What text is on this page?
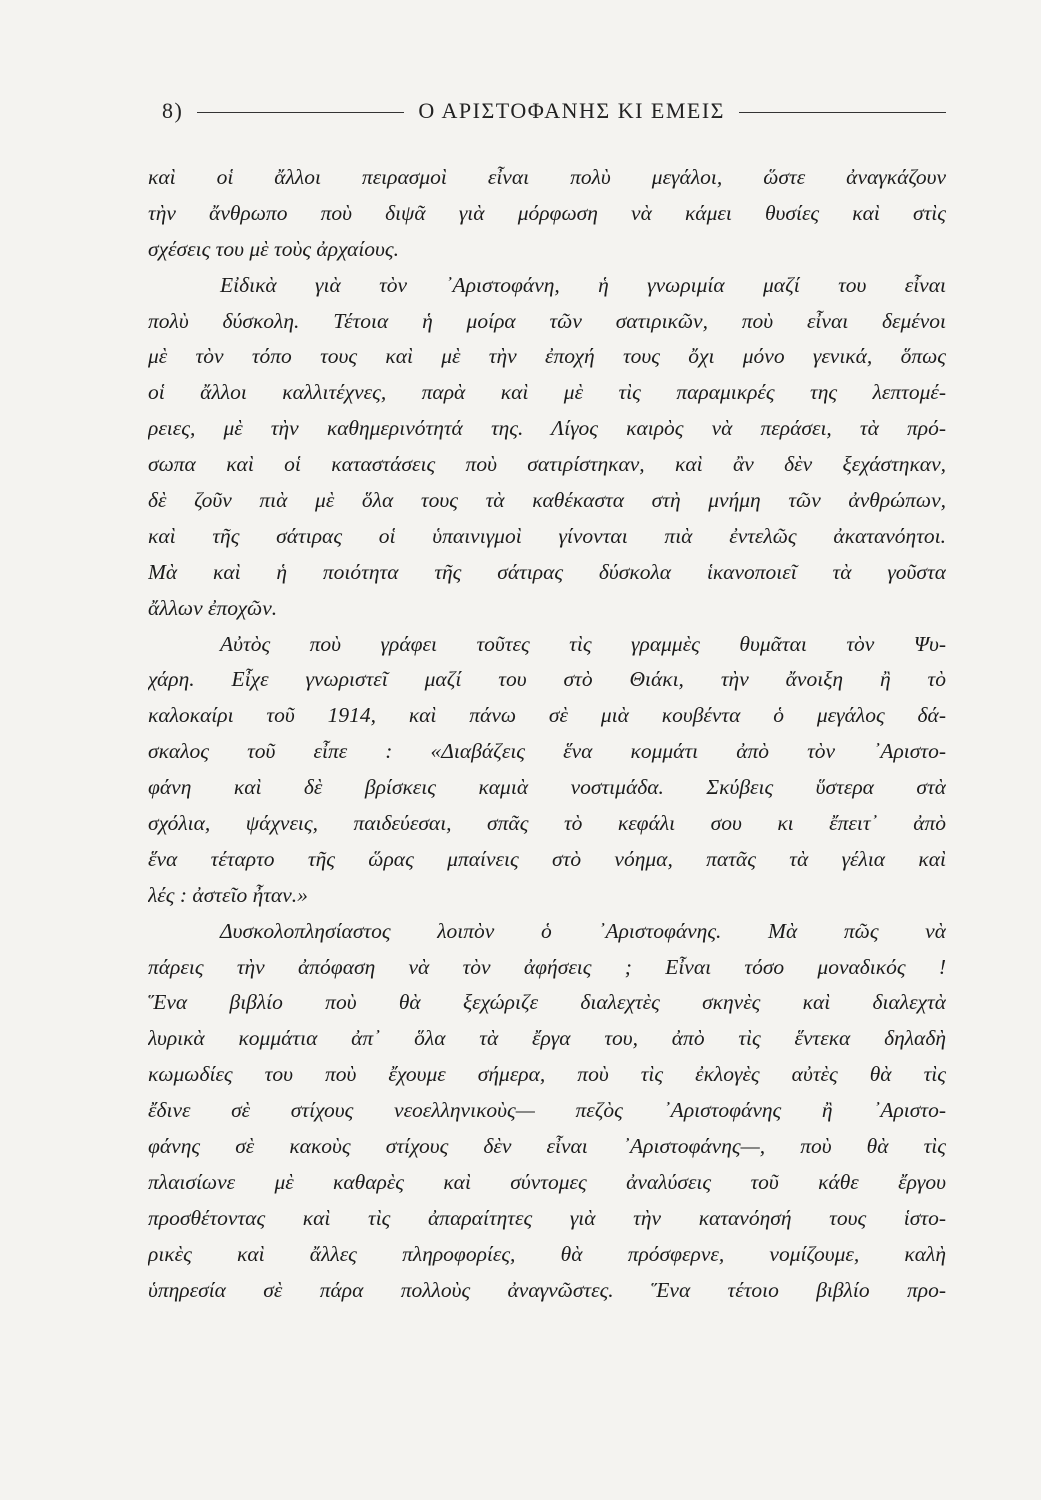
8)	Ο ΑΡΙΣΤΟΦΑΝΗΣ ΚΙ ΕΜΕΙΣ
καὶ οἱ ἄλλοι πειρασμοὶ εἶναι πολὺ μεγάλοι, ὥστε ἀναγκάζουν
τὴν ἄνθρωπο ποὺ διψᾶ γιὰ μόρφωση νὰ κάμει θυσίες καὶ στὶς
σχέσεις του μὲ τοὺς ἀρχαίους.
Εἰδικὰ γιὰ τὸν ᾿Αριστοφάνη, ἡ γνωριμία μαζί του εἶναι
πολὺ δύσκολη. Τέτοια ἡ μοίρα τῶν σατιρικῶν, ποὺ εἶναι δεμένοι
μὲ τὸν τόπο τους καὶ μὲ τὴν ἐποχή τους ὄχι μόνο γενικά, ὅπως
οἱ ἄλλοι καλλιτέχνες, παρὰ καὶ μὲ τὶς παραμικρές της λεπτομέ-
ρειες, μὲ τὴν καθημερινότητά της. Λίγος καιρὸς νὰ περάσει, τὰ πρό-
σωπα καὶ οἱ καταστάσεις ποὺ σατιρίστηκαν, καὶ ἂν δὲν ξεχάστηκαν,
δὲ ζοῦν πιὰ μὲ ὅλα τους τὰ καθέκαστα στὴ μνήμη τῶν ἀνθρώπων,
καὶ τῆς σάτιρας οἱ ὑπαινιγμοὶ γίνονται πιὰ ἐντελῶς ἀκατανόητοι.
Μὰ καὶ ἡ ποιότητα τῆς σάτιρας δύσκολα ἱκανοποιεῖ τὰ γοῦστα
ἄλλων ἐποχῶν.
Αὐτὸς ποὺ γράφει τοῦτες τὶς γραμμὲς θυμᾶται τὸν Ψυ-
χάρη. Εἶχε γνωριστεῖ μαζί του στὸ Θιάκι, τὴν ἄνοιξη ἢ τὸ
καλοκαίρι τοῦ 1914, καὶ πάνω σὲ μιὰ κουβέντα ὁ μεγάλος δά-
σκαλος τοῦ εἶπε : «Διαβάζεις ἕνα κομμάτι ἀπὸ τὸν ᾿Αριστο-
φάνη καὶ δὲ βρίσκεις καμιὰ νοστιμάδα. Σκύβεις ὕστερα στὰ
σχόλια, ψάχνεις, παιδεύεσαι, σπᾶς τὸ κεφάλι σου κι ἔπειτ᾿ ἀπὸ
ἕνα τέταρτο τῆς ὥρας μπαίνεις στὸ νόημα, πατᾶς τὰ γέλια καὶ
λές : ἀστεῖο ἦταν.»
Δυσκολοπλησίαστος λοιπὸν ὁ ᾿Αριστοφάνης. Μὰ πῶς νὰ
πάρεις τὴν ἀπόφαση νὰ τὸν ἀφήσεις ; Εἶναι τόσο μοναδικός !
Ἕνα βιβλίο ποὺ θὰ ξεχώριζε διαλεχτὲς σκηνὲς καὶ διαλεχτὰ
λυρικὰ κομμάτια ἀπ᾿ ὅλα τὰ ἔργα του, ἀπὸ τὶς ἕντεκα δηλαδὴ
κωμωδίες του ποὺ ἔχουμε σήμερα, ποὺ τὶς ἐκλογὲς αὐτὲς θὰ τὶς
ἔδινε σὲ στίχους νεοελληνικοὺς— πεζὸς ᾿Αριστοφάνης ἢ ᾿Αριστο-
φάνης σὲ κακοὺς στίχους δὲν εἶναι ᾿Αριστοφάνης—, ποὺ θὰ τὶς
πλαισίωνε μὲ καθαρὲς καὶ σύντομες ἀναλύσεις τοῦ κάθε ἔργου
προσθέτοντας καὶ τὶς ἀπαραίτητες γιὰ τὴν κατανόησή τους ἱστο-
ρικὲς καὶ ἄλλες πληροφορίες, θὰ πρόσφερνε, νομίζουμε, καλὴ
ὑπηρεσία σὲ πάρα πολλοὺς ἀναγνῶστες. Ἕνα τέτοιο βιβλίο προ-
